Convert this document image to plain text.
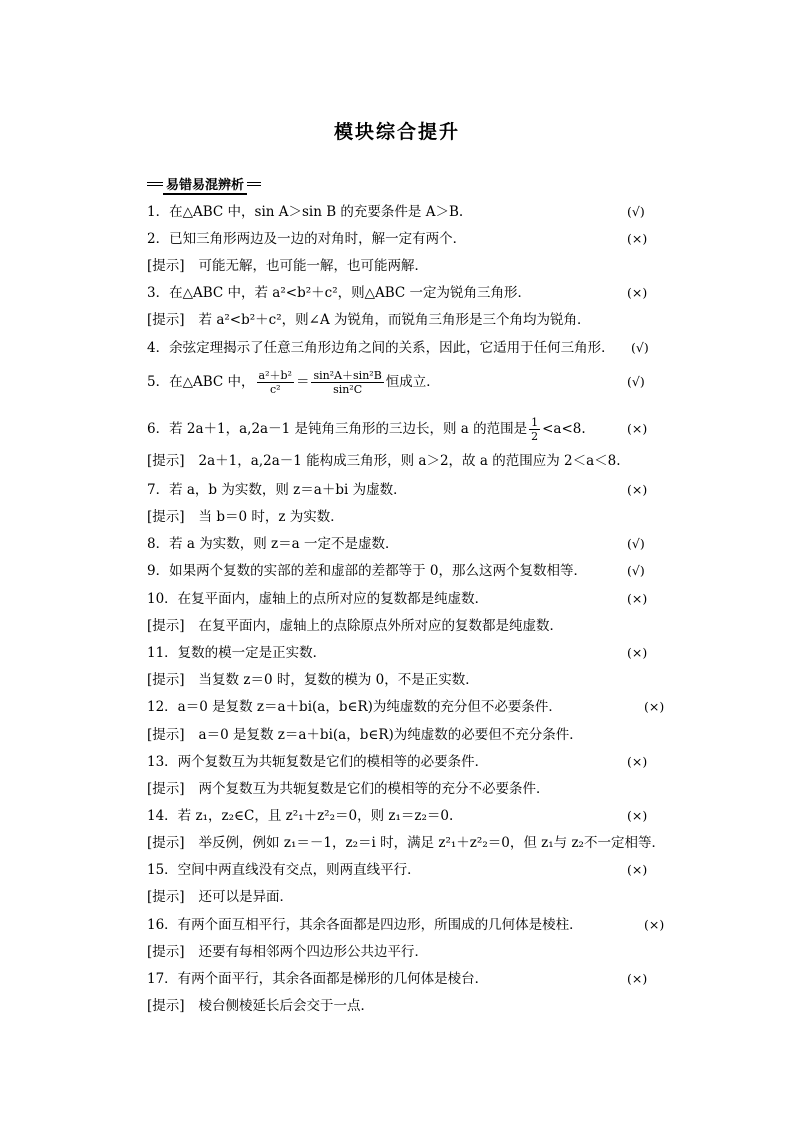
模块综合提升
易错易混辨析
1．在△ABC 中，sin A＞sin B 的充要条件是 A＞B.	(√)
2．已知三角形两边及一边的对角时，解一定有两个．	(×)
[提示] 可能无解，也可能一解，也可能两解．
3．在△ABC 中，若 a²<b²＋c²，则△ABC 一定为锐角三角形．	(×)
[提示] 若 a²<b²＋c²，则∠A 为锐角，而锐角三角形是三个角均为锐角．
4．余弦定理揭示了任意三角形边角之间的关系，因此，它适用于任何三角形． (√)
5．在△ABC 中， $\frac{\text{a²＋b²}}{\text{c²}} = \frac{\text{sin²A＋sin²B}}{\text{sin²C}}$ 恒成立．	(√)
6．若 2a＋1，a,2a－1 是钝角三角形的三边长，则 a 的范围是 $\frac{1}{2} <a<8$.	(×)
[提示] 2a＋1，a,2a－1 能构成三角形，则 a＞2，故 a 的范围应为 2＜a＜8.
7．若 a，b 为实数，则 z＝a＋bi 为虚数．	(×)
[提示] 当 b＝0 时，z 为实数．
8．若 a 为实数，则 z＝a 一定不是虚数．	(√)
9．如果两个复数的实部的差和虚部的差都等于 0，那么这两个复数相等．	(√)
10．在复平面内，虚轴上的点所对应的复数都是纯虚数．	(×)
[提示] 在复平面内，虚轴上的点除原点外所对应的复数都是纯虚数．
11．复数的模一定是正实数．	(×)
[提示] 当复数 z＝0 时，复数的模为 0，不是正实数．
12．a＝0 是复数 z＝a＋bi(a，b∈R)为纯虚数的充分但不必要条件．	(×)
[提示] a＝0 是复数 z＝a＋bi(a，b∈R)为纯虚数的必要但不充分条件．
13．两个复数互为共轭复数是它们的模相等的必要条件．	(×)
[提示] 两个复数互为共轭复数是它们的模相等的充分不必要条件．
14．若 z₁，z₂∈C，且 z²₁＋z²₂＝0，则 z₁＝z₂＝0.	(×)
[提示] 举反例，例如 z₁＝－1，z₂＝i 时，满足 z²₁＋z²₂＝0，但 z₁与 z₂不一定相等．
15．空间中两直线没有交点，则两直线平行．	(×)
[提示] 还可以是异面．
16．有两个面互相平行，其余各面都是四边形，所围成的几何体是棱柱．	(×)
[提示] 还要有每相邻两个四边形公共边平行．
17．有两个面平行，其余各面都是梯形的几何体是棱台．	(×)
[提示] 棱台侧棱延长后会交于一点．
